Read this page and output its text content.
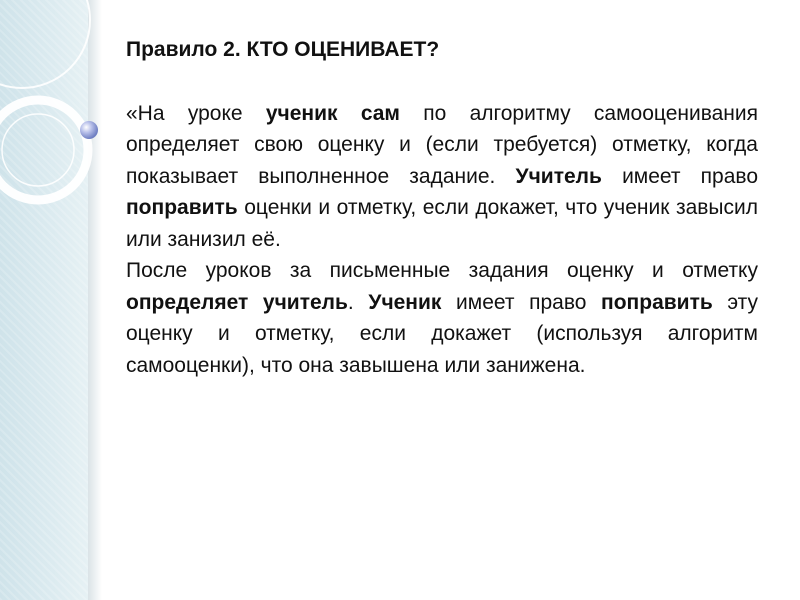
Правило 2. КТО ОЦЕНИВАЕТ?

«На уроке ученик сам по алгоритму самооценивания определяет свою оценку и (если требуется) отметку, когда показывает выполненное задание. Учитель имеет право поправить оценки и отметку, если докажет, что ученик завысил или занизил её.

После уроков за письменные задания оценку и отметку определяет учитель. Ученик имеет право поправить эту оценку и отметку, если докажет (используя алгоритм самооценки), что она завышена или занижена.
